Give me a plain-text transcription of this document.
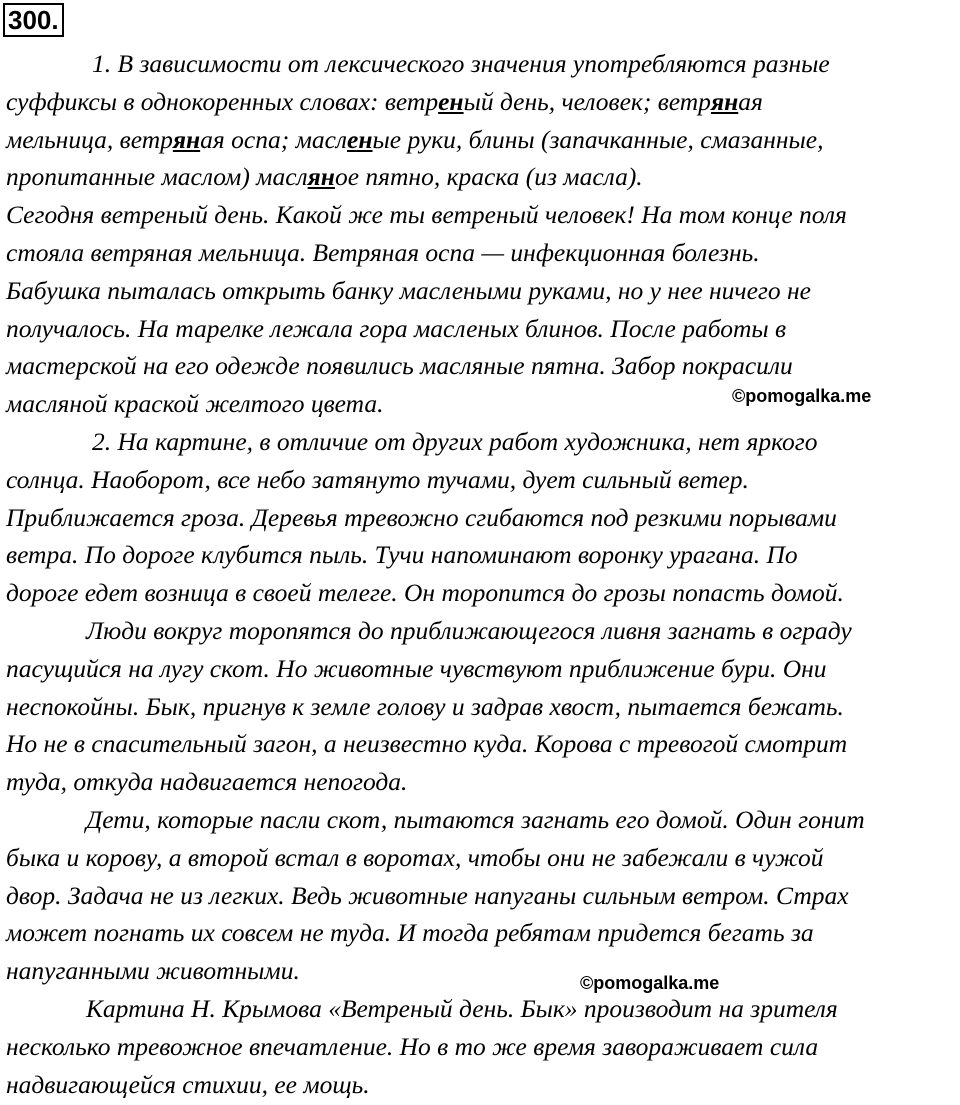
300.
1. В зависимости от лексического значения употребляются разные
суффиксы в однокоренных словах: ветреный день, человек; ветряная
мельница, ветряная оспа; масленые руки, блины (запачканные, смазанные,
пропитанные маслом) масляное пятно, краска (из масла).
Сегодня ветреный день. Какой же ты ветреный человек! На том конце поля
стояла ветряная мельница. Ветряная оспа — инфекционная болезнь.
Бабушка пыталась открыть банку маслеными руками, но у нее ничего не
получалось. На тарелке лежала гора масленых блинов. После работы в
мастерской на его одежде появились масляные пятна. Забор покрасили
масляной краской желтого цвета.
2. На картине, в отличие от других работ художника, нет яркого
солнца. Наоборот, все небо затянуто тучами, дует сильный ветер.
Приближается гроза. Деревья тревожно сгибаются под резкими порывами
ветра. По дороге клубится пыль. Тучи напоминают воронку урагана. По
дороге едет возница в своей телеге. Он торопится до грозы попасть домой.
Люди вокруг торопятся до приближающегося ливня загнать в ограду
пасущийся на лугу скот. Но животные чувствуют приближение бури. Они
неспокойны. Бык, пригнув к земле голову и задрав хвост, пытается бежать.
Но не в спасительный загон, а неизвестно куда. Корова с тревогой смотрит
туда, откуда надвигается непогода.
Дети, которые пасли скот, пытаются загнать его домой. Один гонит
быка и корову, а второй встал в воротах, чтобы они не забежали в чужой
двор. Задача не из легких. Ведь животные напуганы сильным ветром. Страх
может погнать их совсем не туда. И тогда ребятам придется бегать за
напуганными животными.
Картина Н. Крымова «Ветреный день. Бык» производит на зрителя
несколько тревожное впечатление. Но в то же время завораживает сила
надвигающейся стихии, ее мощь.
©pomogalka.me
©pomogalka.me
